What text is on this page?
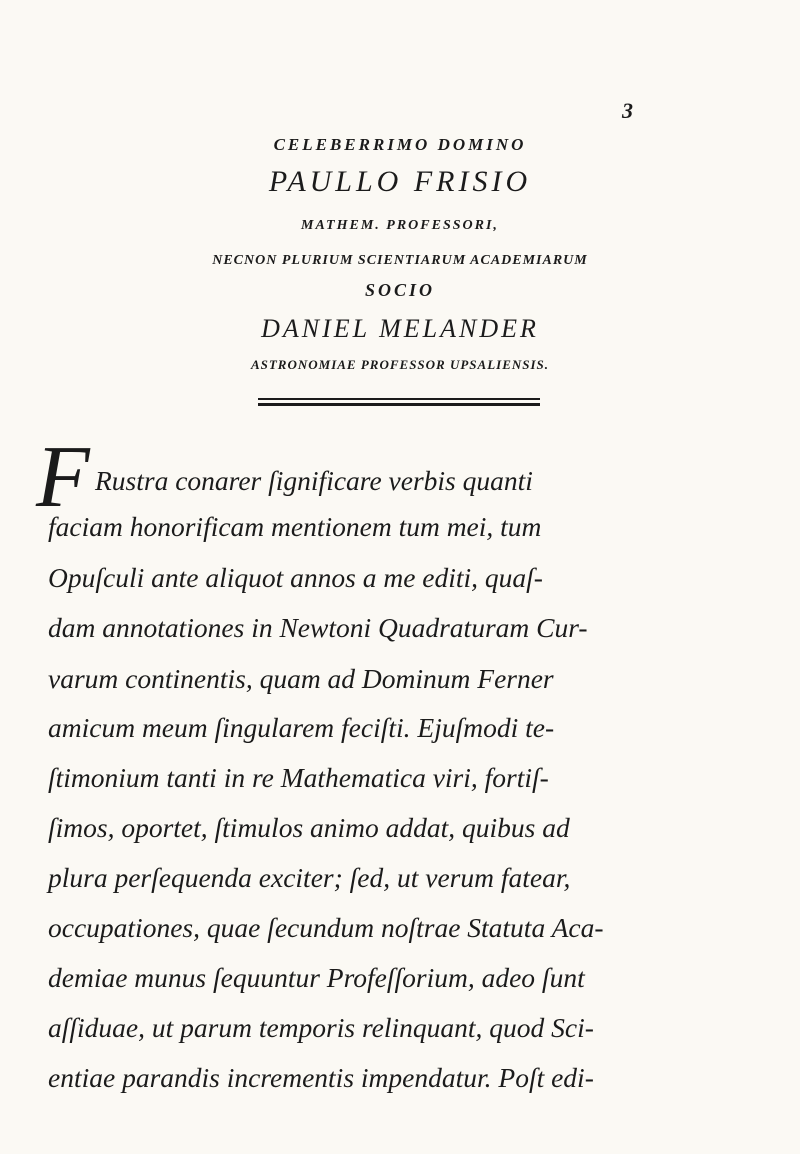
3
CELEBERRIMO DOMINO
PAULLO FRISIO
MATHEM. PROFESSORI,
NECNON PLURIUM SCIENTIARUM ACADEMIARUM
SOCIO
DANIEL MELANDER
ASTRONOMIAE PROFESSOR UPSALIENSIS.
F Rustra conarer ſignificare verbis quanti
faciam honorificam mentionem tum mei, tum
Opuſculi ante aliquot annos a me editi, quaſ-
dam annotationes in Newtoni Quadraturam Cur-
varum continentis, quam ad Dominum Ferner
amicum meum ſingularem feciſti. Ejuſmodi te-
ſtimonium tanti in re Mathematica viri, fortiſ-
ſimos, oportet, ſtimulos animo addat, quibus ad
plura perſequenda exciter; ſed, ut verum fatear,
occupationes, quae ſecundum noſtrae Statuta Aca-
demiae munus ſequuntur Profeſſorium, adeo ſunt
aſſiduae, ut parum temporis relinquant, quod Sci-
entiae parandis incrementis impendatur. Poſt edi-
